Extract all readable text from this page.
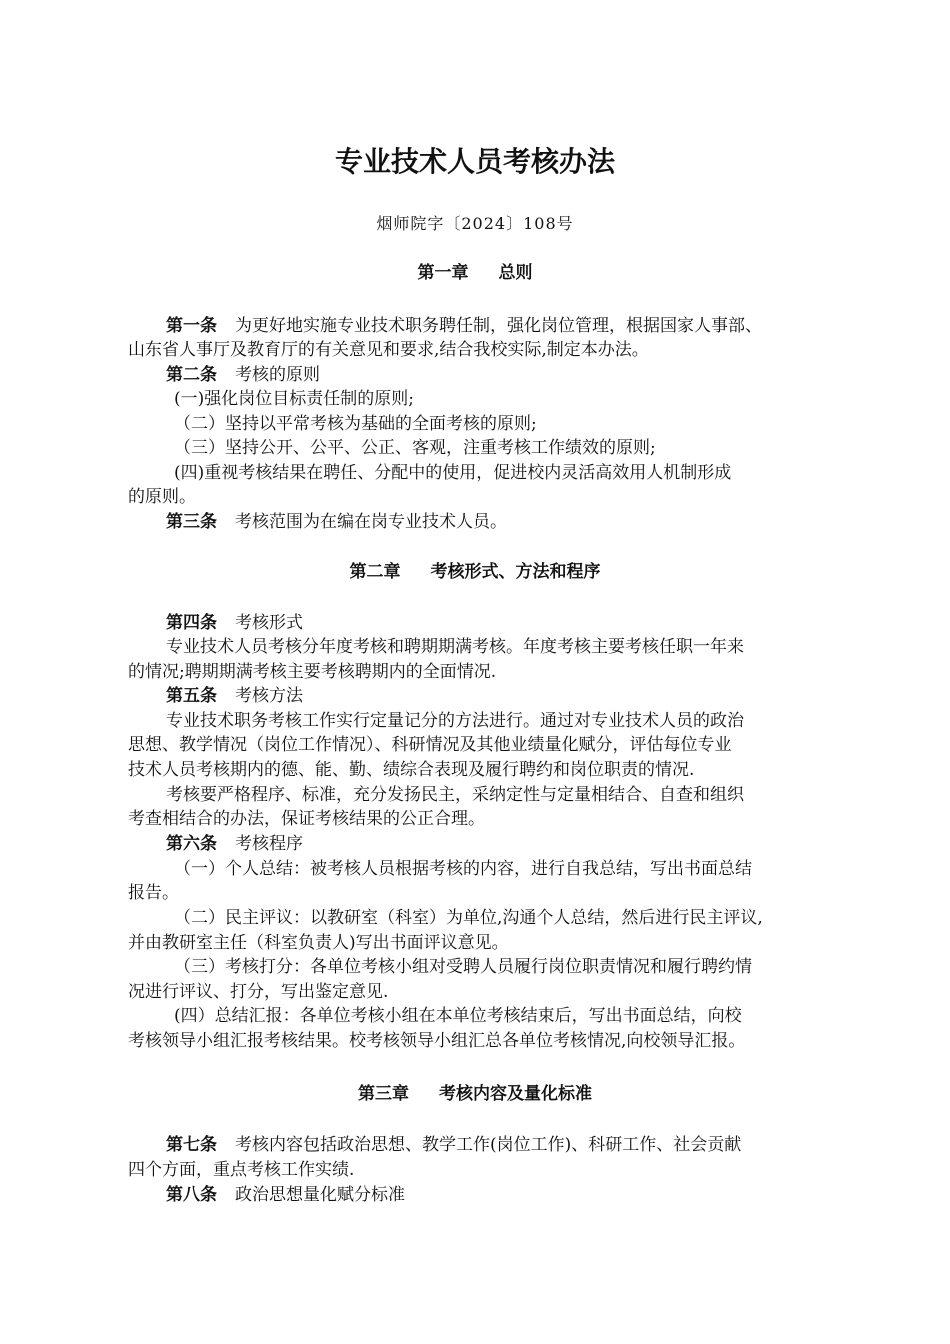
专业技术人员考核办法
烟师院字〔2024〕108号
第一章 总则
第一条 为更好地实施专业技术职务聘任制，强化岗位管理，根据国家人事部、
山东省人事厅及教育厅的有关意见和要求,结合我校实际,制定本办法。
第二条 考核的原则
(一)强化岗位目标责任制的原则;
（二）坚持以平常考核为基础的全面考核的原则;
（三）坚持公开、公平、公正、客观，注重考核工作绩效的原则;
(四)重视考核结果在聘任、分配中的使用，促进校内灵活高效用人机制形成
的原则。
第三条 考核范围为在编在岗专业技术人员。
第二章 考核形式、方法和程序
第四条 考核形式
专业技术人员考核分年度考核和聘期期满考核。年度考核主要考核任职一年来
的情况;聘期期满考核主要考核聘期内的全面情况.
第五条 考核方法
专业技术职务考核工作实行定量记分的方法进行。通过对专业技术人员的政治
思想、教学情况（岗位工作情况）、科研情况及其他业绩量化赋分，评估每位专业
技术人员考核期内的德、能、勤、绩综合表现及履行聘约和岗位职责的情况.
考核要严格程序、标准，充分发扬民主，采纳定性与定量相结合、自查和组织
考查相结合的办法，保证考核结果的公正合理。
第六条 考核程序
（一）个人总结：被考核人员根据考核的内容，进行自我总结，写出书面总结
报告。
（二）民主评议：以教研室（科室）为单位,沟通个人总结，然后进行民主评议,
并由教研室主任（科室负责人)写出书面评议意见。
（三）考核打分：各单位考核小组对受聘人员履行岗位职责情况和履行聘约情
况进行评议、打分，写出鉴定意见.
(四）总结汇报：各单位考核小组在本单位考核结束后，写出书面总结，向校
考核领导小组汇报考核结果。校考核领导小组汇总各单位考核情况,向校领导汇报。
第三章 考核内容及量化标准
第七条 考核内容包括政治思想、教学工作(岗位工作)、科研工作、社会贡献
四个方面，重点考核工作实绩.
第八条 政治思想量化赋分标准
